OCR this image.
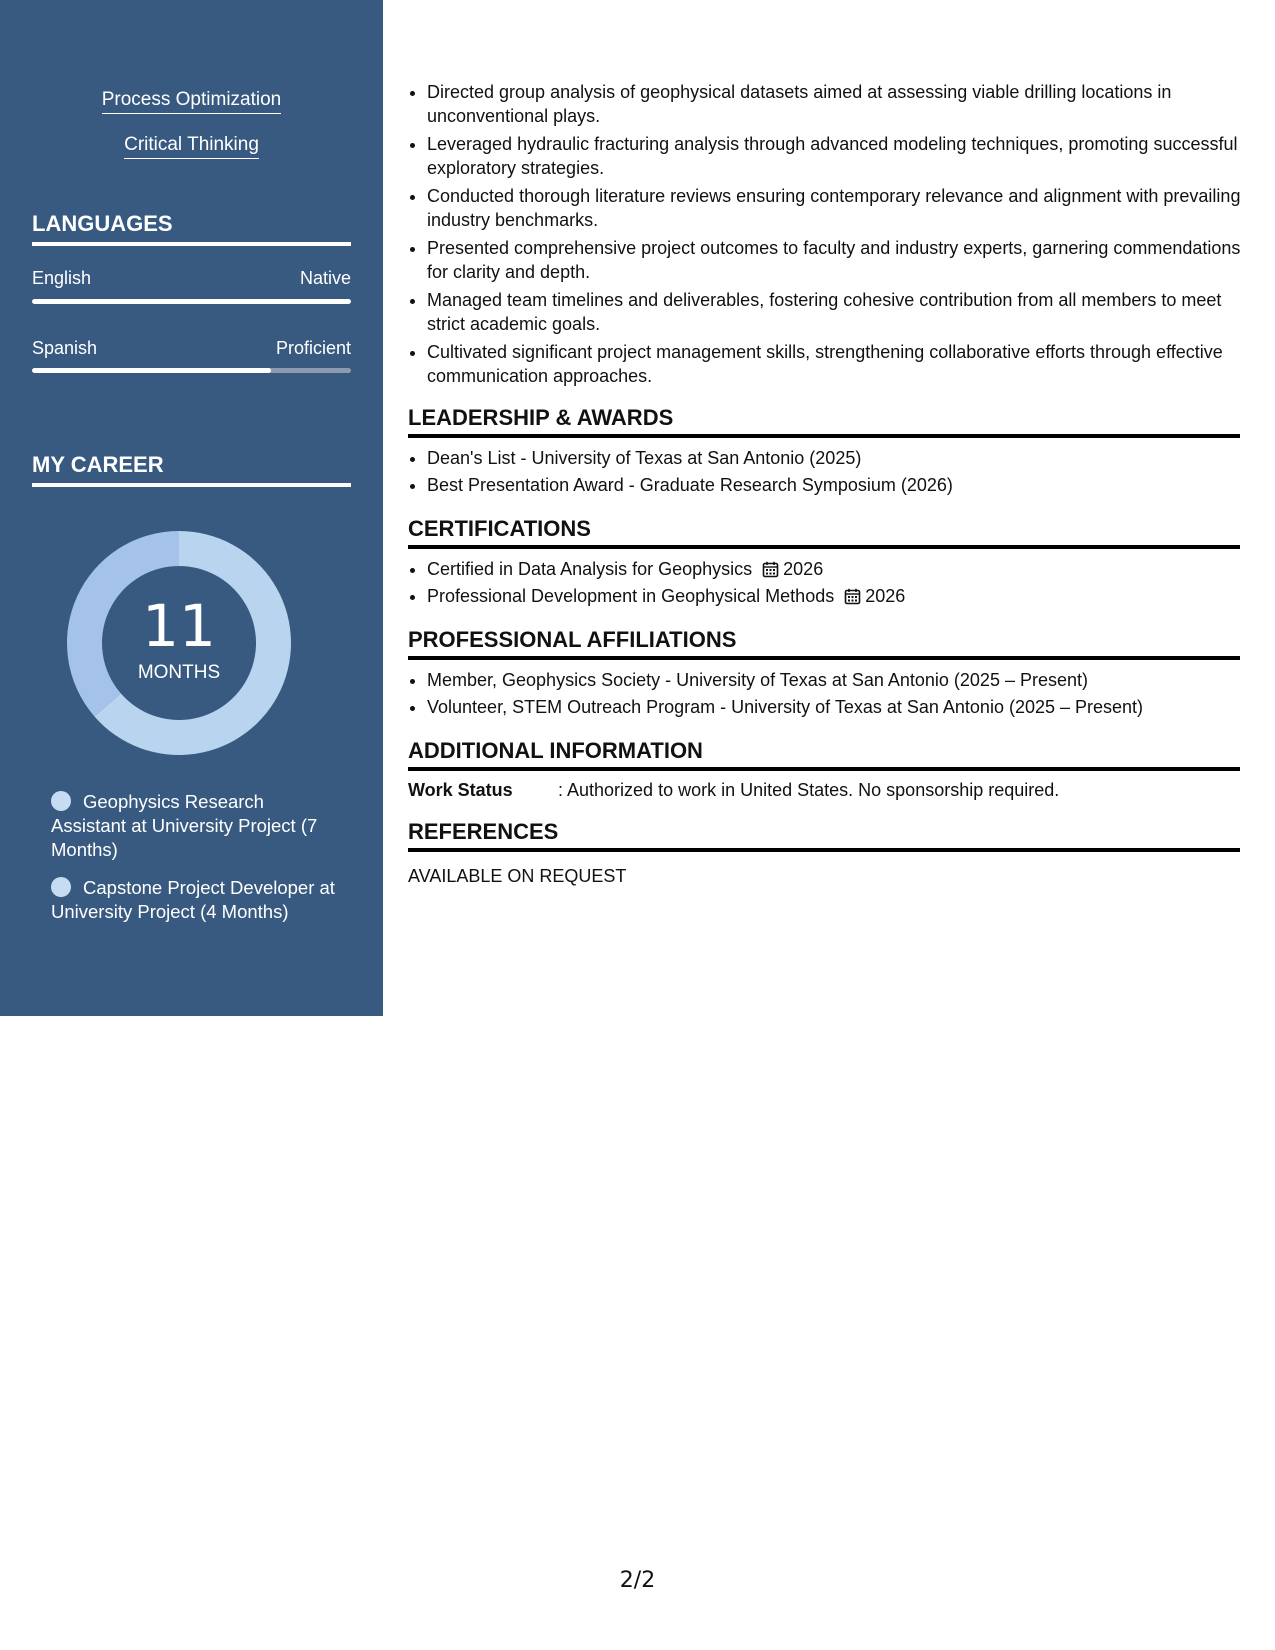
Process Optimization
Critical Thinking
LANGUAGES
English	Native
Spanish	Proficient
MY CAREER
11
MONTHS
Geophysics Research Assistant at University Project (7 Months)
Capstone Project Developer at University Project (4 Months)
• Directed group analysis of geophysical datasets aimed at assessing viable drilling locations in unconventional plays.
• Leveraged hydraulic fracturing analysis through advanced modeling techniques, promoting successful exploratory strategies.
• Conducted thorough literature reviews ensuring contemporary relevance and alignment with prevailing industry benchmarks.
• Presented comprehensive project outcomes to faculty and industry experts, garnering commendations for clarity and depth.
• Managed team timelines and deliverables, fostering cohesive contribution from all members to meet strict academic goals.
• Cultivated significant project management skills, strengthening collaborative efforts through effective communication approaches.
LEADERSHIP & AWARDS
• Dean's List - University of Texas at San Antonio (2025)
• Best Presentation Award - Graduate Research Symposium (2026)
CERTIFICATIONS
• Certified in Data Analysis for Geophysics 2026
• Professional Development in Geophysical Methods 2026
PROFESSIONAL AFFILIATIONS
• Member, Geophysics Society - University of Texas at San Antonio (2025 – Present)
• Volunteer, STEM Outreach Program - University of Texas at San Antonio (2025 – Present)
ADDITIONAL INFORMATION
Work Status	: Authorized to work in United States. No sponsorship required.
REFERENCES
AVAILABLE ON REQUEST
2/2
